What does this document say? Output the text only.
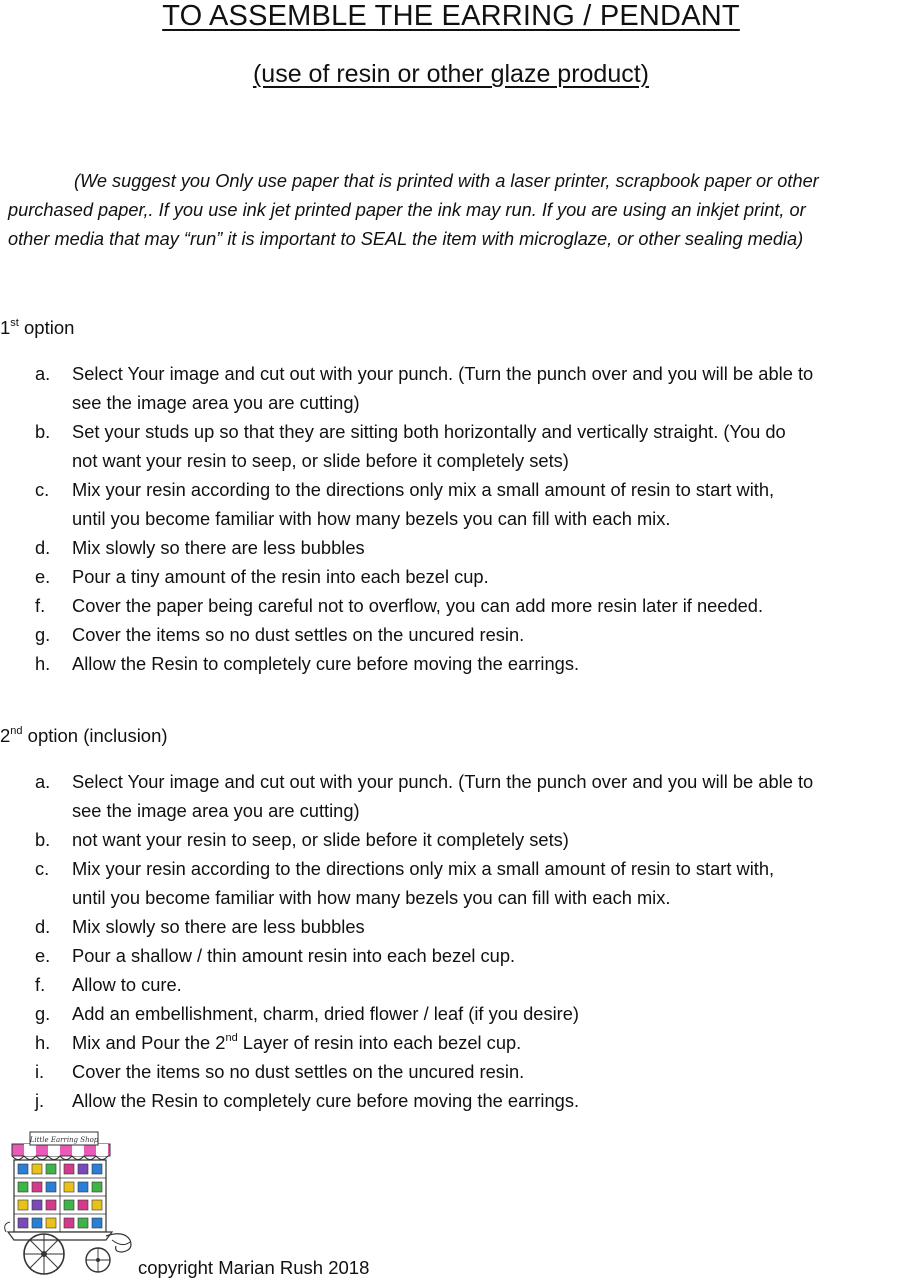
TO ASSEMBLE THE EARRING / PENDANT
(use of resin or other glaze product)
(We suggest you Only use paper that is printed with a laser printer, scrapbook paper or other
purchased paper,. If you use ink jet printed paper the ink may run. If you are using an inkjet print, or
other media that may “run” it is important to SEAL the item with microglaze, or other sealing media)
1st option
a. Select Your image and cut out with your punch. (Turn the punch over and you will be able to
see the image area you are cutting)
b. Set your studs up so that they are sitting both horizontally and vertically straight. (You do
not want your resin to seep, or slide before it completely sets)
c. Mix your resin according to the directions only mix a small amount of resin to start with,
until you become familiar with how many bezels you can fill with each mix.
d. Mix slowly so there are less bubbles
e. Pour a tiny amount of the resin into each bezel cup.
f. Cover the paper being careful not to overflow, you can add more resin later if needed.
g. Cover the items so no dust settles on the uncured resin.
h. Allow the Resin to completely cure before moving the earrings.
2nd option (inclusion)
a. Select Your image and cut out with your punch. (Turn the punch over and you will be able to
see the image area you are cutting)
b. not want your resin to seep, or slide before it completely sets)
c. Mix your resin according to the directions only mix a small amount of resin to start with,
until you become familiar with how many bezels you can fill with each mix.
d. Mix slowly so there are less bubbles
e. Pour a shallow / thin amount resin into each bezel cup.
f. Allow to cure.
g. Add an embellishment, charm, dried flower / leaf (if you desire)
h. Mix and Pour the 2nd Layer of resin into each bezel cup.
i. Cover the items so no dust settles on the uncured resin.
j. Allow the Resin to completely cure before moving the earrings.
Little Earring Shop
copyright Marian Rush 2018
